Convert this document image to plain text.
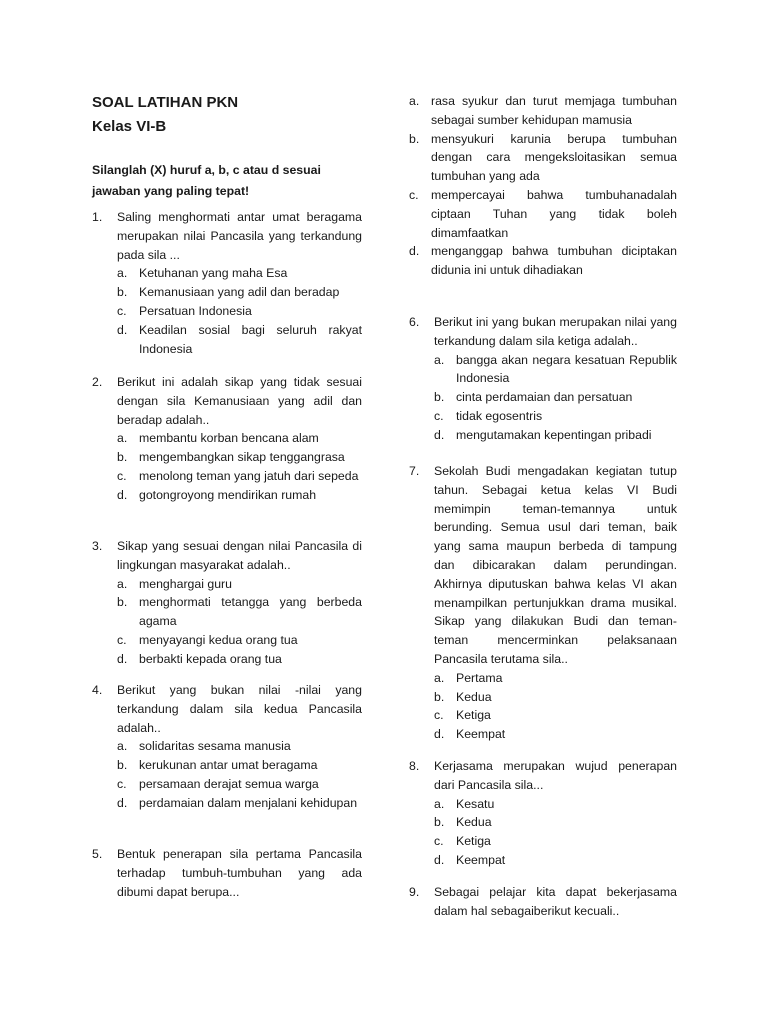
SOAL LATIHAN PKN
Kelas VI-B
Silanglah (X) huruf a, b, c atau d sesuai jawaban yang paling tepat!
1.	Saling menghormati antar umat beragama merupakan nilai Pancasila yang terkandung pada sila ...
a. Ketuhanan yang maha Esa
b. Kemanusiaan yang adil dan beradap
c.	Persatuan Indonesia
d. Keadilan sosial bagi seluruh rakyat Indonesia
2.	Berikut ini adalah sikap yang tidak sesuai dengan sila Kemanusiaan yang adil dan beradap adalah..
a. membantu korban bencana alam
b. mengembangkan sikap tenggangrasa
c.	menolong teman yang jatuh dari sepeda
d. gotongroyong mendirikan rumah
3.	Sikap yang sesuai dengan nilai Pancasila di lingkungan masyarakat adalah..
a. menghargai guru
b. menghormati tetangga yang berbeda agama
c.	menyayangi kedua orang tua
d. berbakti kepada orang tua
4.	Berikut yang bukan nilai -nilai yang terkandung dalam sila kedua Pancasila adalah..
a. solidaritas sesama manusia
b. kerukunan antar umat beragama
c.	persamaan derajat semua warga
d. perdamaian dalam menjalani kehidupan
a. rasa syukur dan turut memjaga tumbuhan sebagai sumber kehidupan mamusia
b. mensyukuri karunia berupa tumbuhan dengan cara mengeksloitasikan semua tumbuhan yang ada
c.	mempercayai bahwa tumbuhanadalah ciptaan Tuhan yang tidak boleh dimamfaatkan
d. menganggap bahwa tumbuhan diciptakan didunia ini untuk dihadiakan
5.	Bentuk penerapan sila pertama Pancasila terhadap tumbuh-tumbuhan yang ada dibumi dapat berupa...
6.	Berikut ini yang bukan merupakan nilai yang terkandung dalam sila ketiga adalah..
a. bangga akan negara kesatuan Republik Indonesia
b. cinta perdamaian dan persatuan
c.	tidak egosentris
d. mengutamakan kepentingan pribadi
7.	Sekolah Budi mengadakan kegiatan tutup tahun. Sebagai ketua kelas VI Budi memimpin teman-temannya untuk berunding. Semua usul dari teman, baik yang sama maupun berbeda di tampung dan dibicarakan dalam perundingan. Akhirnya diputuskan bahwa kelas VI akan menampilkan pertunjukkan drama musikal. Sikap yang dilakukan Budi dan teman-teman mencerminkan pelaksanaan Pancasila terutama sila..
a. Pertama
b. Kedua
c.	Ketiga
d. Keempat
8.	Kerjasama merupakan wujud penerapan dari Pancasila sila...
a. Kesatu
b. Kedua
c.	Ketiga
d. Keempat
9.	Sebagai pelajar kita dapat bekerjasama dalam hal sebagaiberikut kecuali..
